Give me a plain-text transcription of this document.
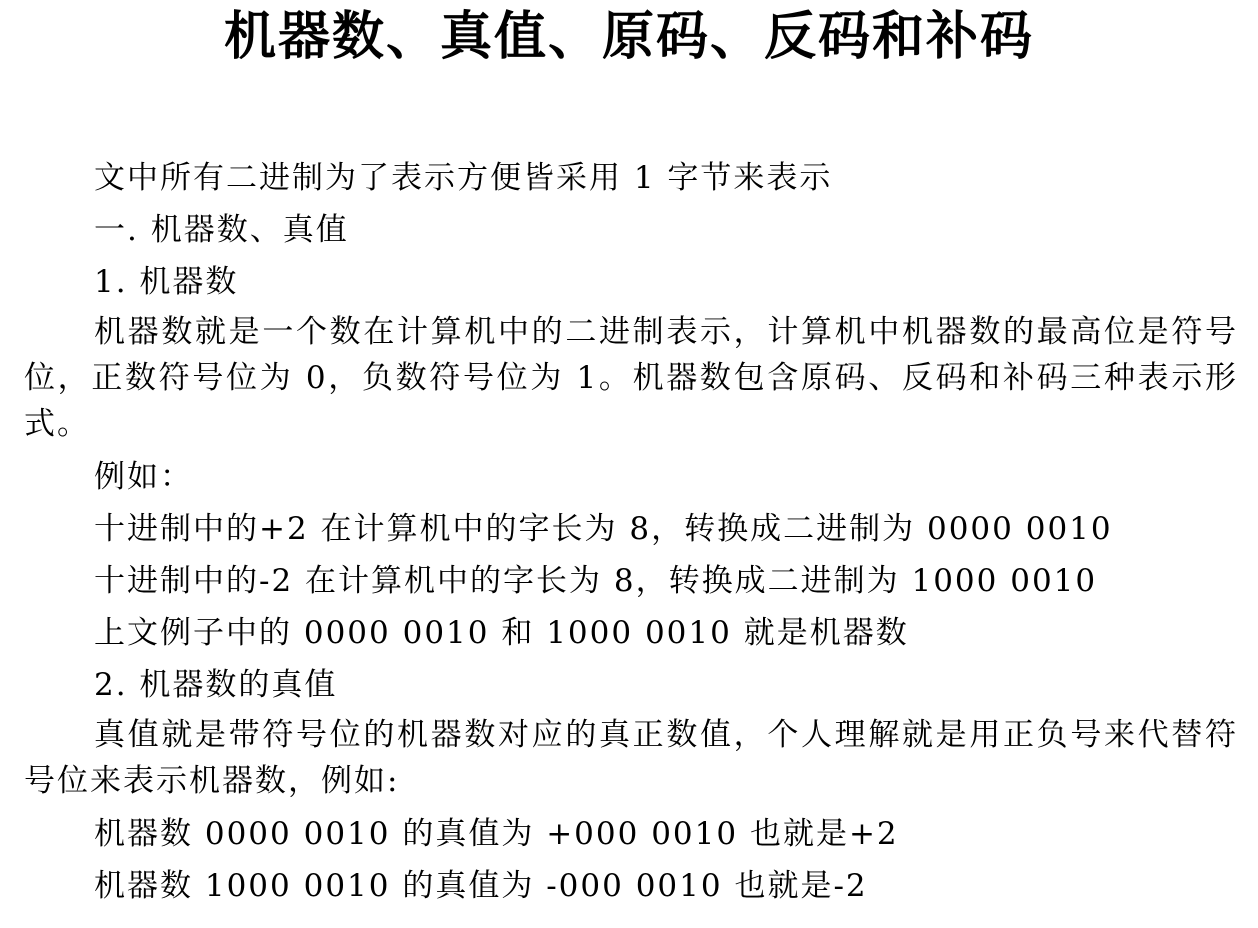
机器数、真值、原码、反码和补码

文中所有二进制为了表示方便皆采用 1 字节来表示

一. 机器数、真值

1. 机器数

机器数就是一个数在计算机中的二进制表示，计算机中机器数的最高位是符号位，正数符号位为 0，负数符号位为 1。机器数包含原码、反码和补码三种表示形式。

例如：

十进制中的+2 在计算机中的字长为 8，转换成二进制为 0000 0010

十进制中的-2 在计算机中的字长为 8，转换成二进制为 1000 0010

上文例子中的 0000 0010 和 1000 0010 就是机器数

2. 机器数的真值

真值就是带符号位的机器数对应的真正数值，个人理解就是用正负号来代替符号位来表示机器数，例如:

机器数 0000 0010 的真值为 +000 0010 也就是+2

机器数 1000 0010 的真值为 -000 0010 也就是-2
